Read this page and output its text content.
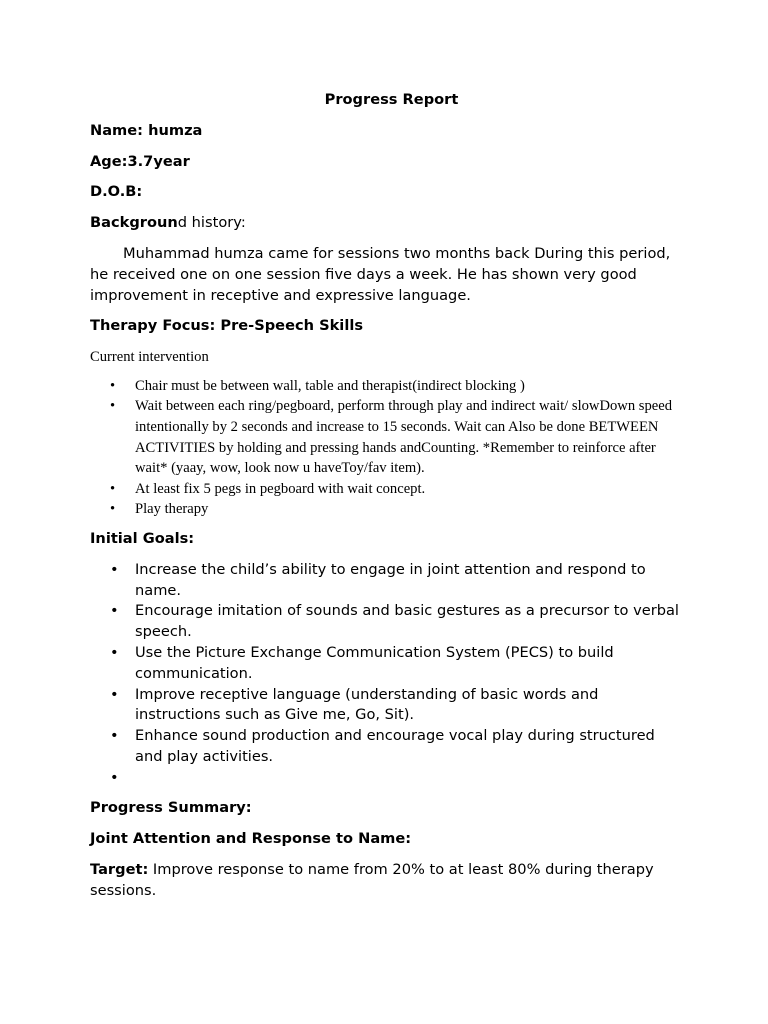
Progress Report
Name: humza
Age:3.7year
D.O.B:
Background history:
Muhammad humza came for sessions two months back During this period, he received one on one session five days a week. He has shown very good improvement in receptive and expressive language.
Therapy Focus: Pre-Speech Skills
Current intervention
• Chair must be between wall, table and therapist(indirect blocking )
• Wait between each ring/pegboard, perform through play and indirect wait/ slowDown speed intentionally by 2 seconds and increase to 15 seconds. Wait can Also be done BETWEEN ACTIVITIES by holding and pressing hands andCounting. *Remember to reinforce after wait* (yaay, wow, look now u haveToy/fav item).
• At least fix 5 pegs in pegboard with wait concept.
• Play therapy
Initial Goals:
• Increase the child’s ability to engage in joint attention and respond to name.
• Encourage imitation of sounds and basic gestures as a precursor to verbal speech.
• Use the Picture Exchange Communication System (PECS) to build communication.
• Improve receptive language (understanding of basic words and instructions such as Give me, Go, Sit).
• Enhance sound production and encourage vocal play during structured and play activities.
•
Progress Summary:
Joint Attention and Response to Name:
Target: Improve response to name from 20% to at least 80% during therapy sessions.
